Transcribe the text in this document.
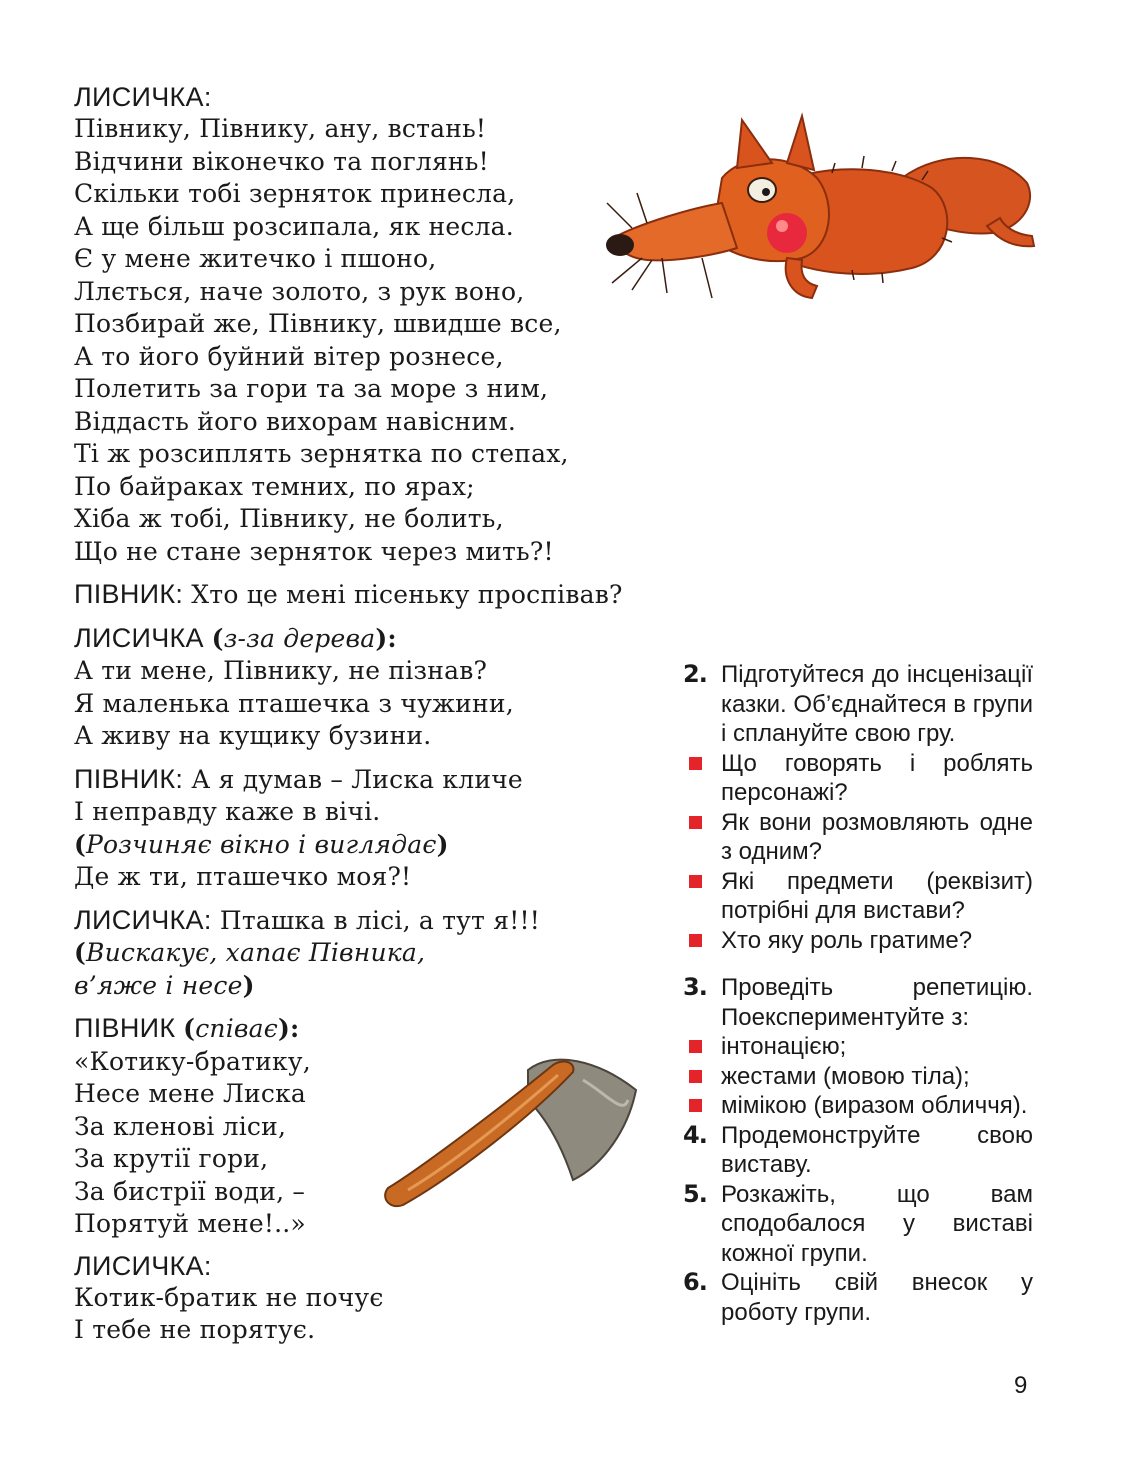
ЛИСИЧКА:
Півнику, Півнику, ану, встань!
Відчини віконечко та поглянь!
Скільки тобі зерняток принесла,
А ще більш розсипала, як несла.
Є у мене житечко і пшоно,
Ллється, наче золото, з рук воно,
Позбирай же, Півнику, швидше все,
А то його буйний вітер рознесе,
Полетить за гори та за море з ним,
Віддасть його вихорам навісним.
Ті ж розсиплять зернятка по степах,
По байраках темних, по ярах;
Хіба ж тобі, Півнику, не болить,
Що не стане зерняток через мить?!
ПІВНИК: Хто це мені пісеньку проспівав?
ЛИСИЧКА (з-за дерева):
А ти мене, Півнику, не пізнав?
Я маленька пташечка з чужини,
А живу на кущику бузини.
ПІВНИК: А я думав – Лиска кличе
І неправду каже в вічі.
(Розчиняє вікно і виглядає)
Де ж ти, пташечко моя?!
ЛИСИЧКА: Пташка в лісі, а тут я!!!
(Вискакує, хапає Півника,
в’яже і несе)
ПІВНИК (співає):
«Котику-братику,
Несе мене Лиска
За кленові ліси,
За крутії гори,
За бистрії води, –
Порятуй мене!..»
ЛИСИЧКА:
Котик-братик не почує
І тебе не порятує.
2. Підготуйтеся до інсценізації казки. Об’єднайтеся в групи і сплануйте свою гру.
Що говорять і роблять персонажі?
Як вони розмовляють одне з одним?
Які предмети (реквізит) потрібні для вистави?
Хто яку роль гратиме?
3. Проведіть репетицію. Поекспериментуйте з:
інтонацією;
жестами (мовою тіла);
мімікою (виразом обличчя).
4. Продемонструйте свою виставу.
5. Розкажіть, що вам сподобалося у виставі кожної групи.
6. Оцініть свій внесок у роботу групи.
9
